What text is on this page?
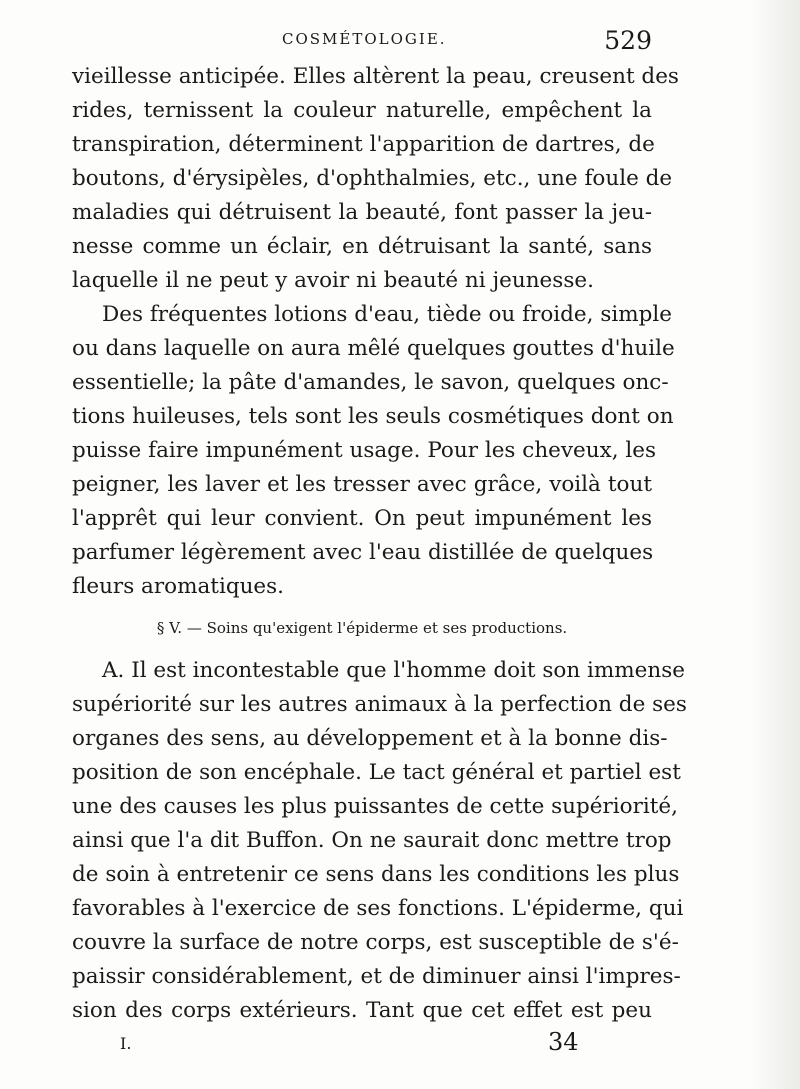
COSMÉTOLOGIE.	529
vieillesse anticipée. Elles altèrent la peau, creusent des
rides, ternissent la couleur naturelle, empêchent la
transpiration, déterminent l'apparition de dartres, de
boutons, d'érysipèles, d'ophthalmies, etc., une foule de
maladies qui détruisent la beauté, font passer la jeu-
nesse comme un éclair, en détruisant la santé, sans
laquelle il ne peut y avoir ni beauté ni jeunesse.
Des fréquentes lotions d'eau, tiède ou froide, simple
ou dans laquelle on aura mêlé quelques gouttes d'huile
essentielle; la pâte d'amandes, le savon, quelques onc-
tions huileuses, tels sont les seuls cosmétiques dont on
puisse faire impunément usage. Pour les cheveux, les
peigner, les laver et les tresser avec grâce, voilà tout
l'apprêt qui leur convient. On peut impunément les
parfumer légèrement avec l'eau distillée de quelques
fleurs aromatiques.
§ V. — Soins qu'exigent l'épiderme et ses productions.
A. Il est incontestable que l'homme doit son immense
supériorité sur les autres animaux à la perfection de ses
organes des sens, au développement et à la bonne dis-
position de son encéphale. Le tact général et partiel est
une des causes les plus puissantes de cette supériorité,
ainsi que l'a dit Buffon. On ne saurait donc mettre trop
de soin à entretenir ce sens dans les conditions les plus
favorables à l'exercice de ses fonctions. L'épiderme, qui
couvre la surface de notre corps, est susceptible de s'é-
paissir considérablement, et de diminuer ainsi l'impres-
sion des corps extérieurs. Tant que cet effet est peu
I.	34
